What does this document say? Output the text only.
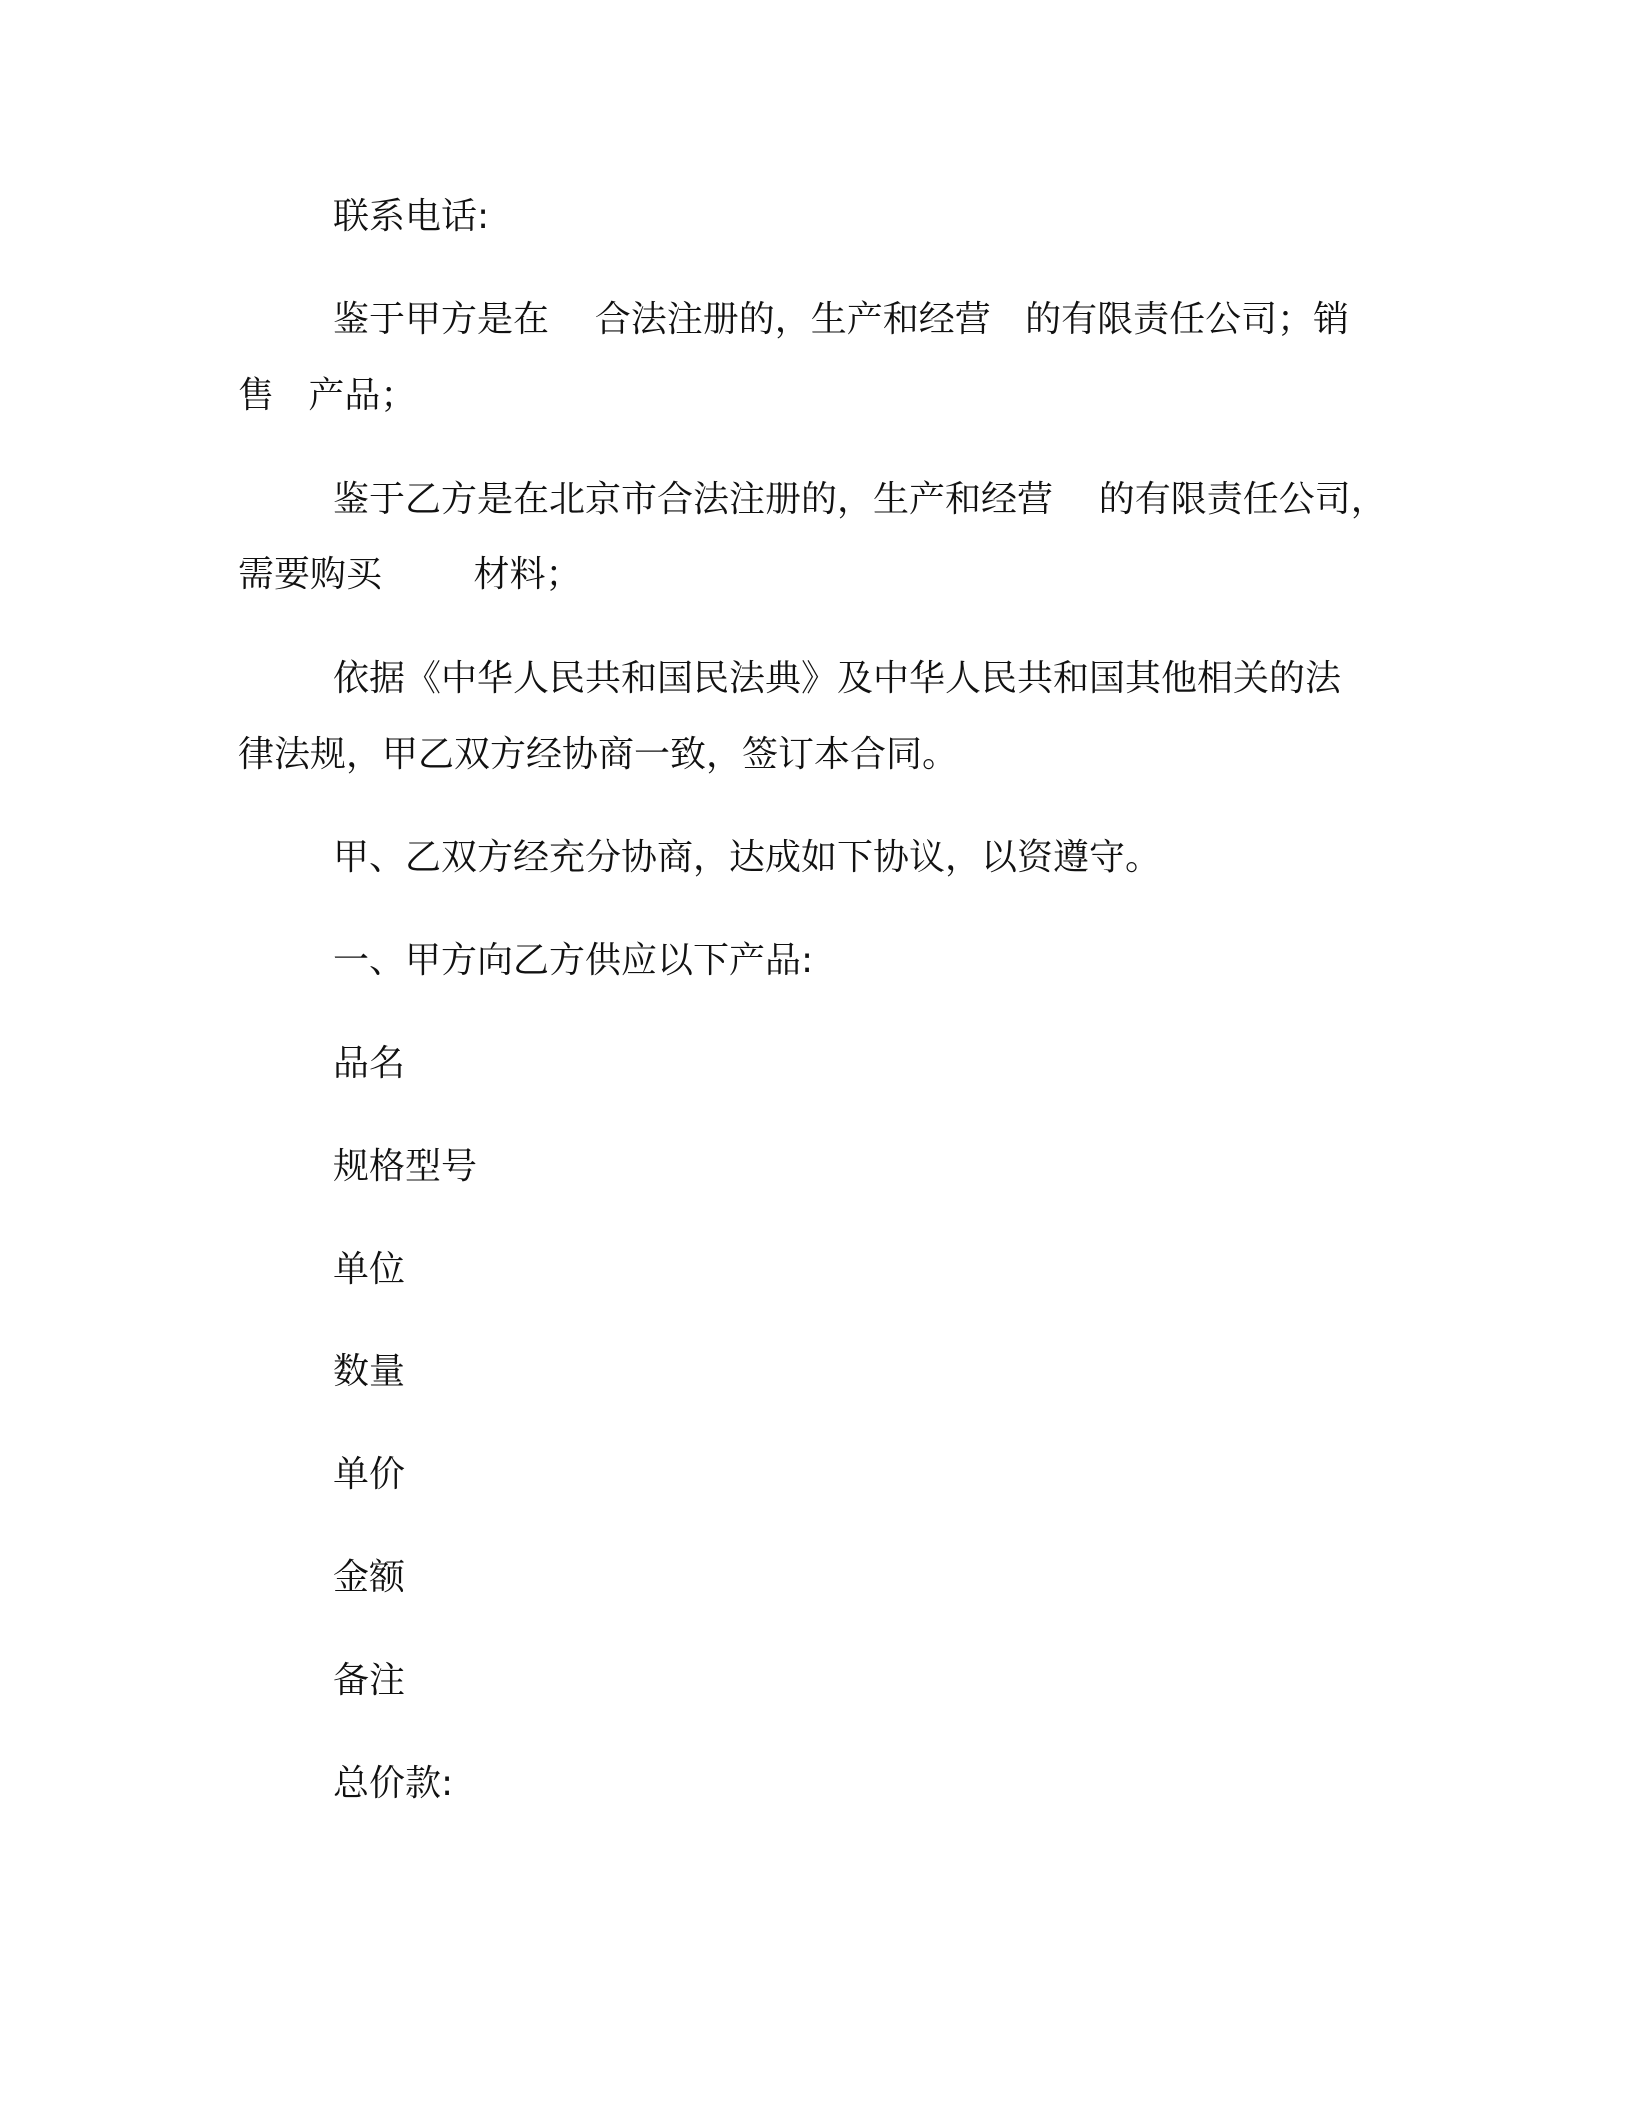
联系电话:
鉴于甲方是在    合法注册的，生产和经营   的有限责任公司；销
售   产品；
鉴于乙方是在北京市合法注册的，生产和经营    的有限责任公司，
需要购买        材料；
依据《中华人民共和国民法典》及中华人民共和国其他相关的法
律法规，甲乙双方经协商一致，签订本合同。
甲、乙双方经充分协商，达成如下协议，以资遵守。
一、甲方向乙方供应以下产品:
品名
规格型号
单位
数量
单价
金额
备注
总价款:
